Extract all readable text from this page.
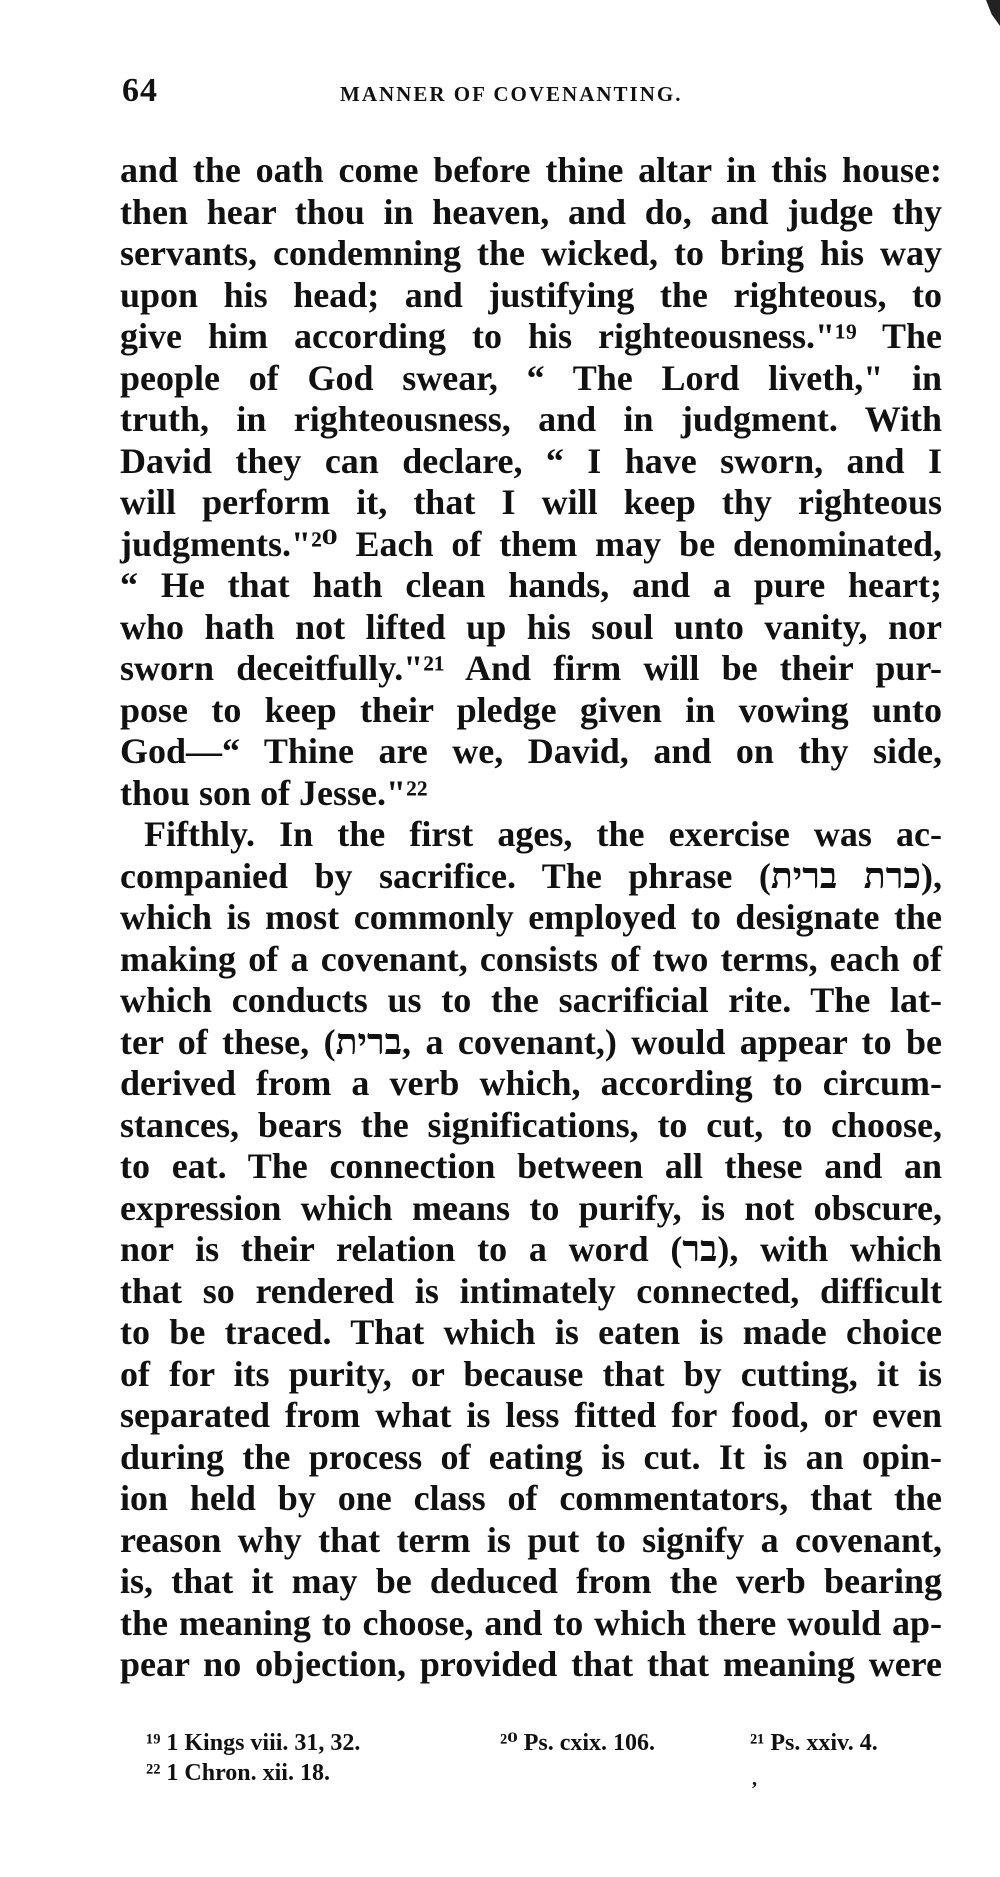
64	MANNER OF COVENANTING.
and the oath come before thine altar in this house:
then hear thou in heaven, and do, and judge thy
servants, condemning the wicked, to bring his way
upon his head; and justifying the righteous, to
give him according to his righteousness."¹⁹ The
people of God swear, “ The Lord liveth," in
truth, in righteousness, and in judgment. With
David they can declare, “ I have sworn, and I
will perform it, that I will keep thy righteous
judgments."²⁰ Each of them may be denominated,
“ He that hath clean hands, and a pure heart;
who hath not lifted up his soul unto vanity, nor
sworn deceitfully."²¹ And firm will be their pur-
pose to keep their pledge given in vowing unto
God—“ Thine are we, David, and on thy side,
thou son of Jesse."²²
Fifthly. In the first ages, the exercise was ac-
companied by sacrifice. The phrase (כרת ברית),
which is most commonly employed to designate the
making of a covenant, consists of two terms, each of
which conducts us to the sacrificial rite. The lat-
ter of these, (ברית, a covenant,) would appear to be
derived from a verb which, according to circum-
stances, bears the significations, to cut, to choose,
to eat. The connection between all these and an
expression which means to purify, is not obscure,
nor is their relation to a word (בר), with which
that so rendered is intimately connected, difficult
to be traced. That which is eaten is made choice
of for its purity, or because that by cutting, it is
separated from what is less fitted for food, or even
during the process of eating is cut. It is an opin-
ion held by one class of commentators, that the
reason why that term is put to signify a covenant,
is, that it may be deduced from the verb bearing
the meaning to choose, and to which there would ap-
pear no objection, provided that that meaning were
¹⁹ 1 Kings viii. 31, 32.	²⁰ Ps. cxix. 106.	²¹ Ps. xxiv. 4.
²² 1 Chron. xii. 18.	,
